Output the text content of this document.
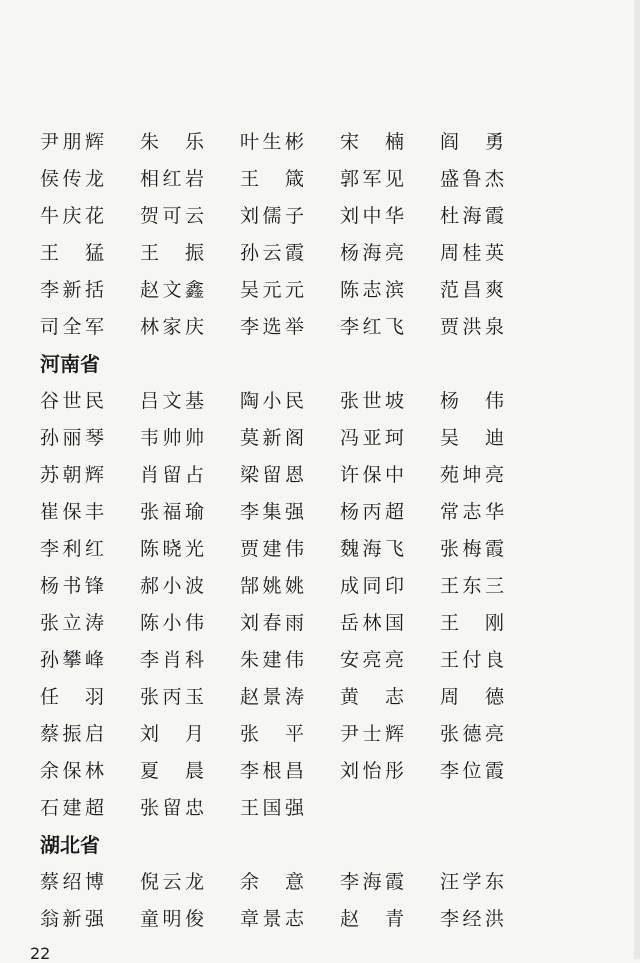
尹朋辉 朱乐 叶生彬 宋楠 阎勇
侯传龙 相红岩 王箴 郭军见 盛鲁杰
牛庆花 贺可云 刘儒子 刘中华 杜海霞
王猛 王振 孙云霞 杨海亮 周桂英
李新括 赵文鑫 吴元元 陈志滨 范昌爽
司全军 林家庆 李选举 李红飞 贾洪泉
河南省
谷世民 吕文基 陶小民 张世坡 杨伟
孙丽琴 韦帅帅 莫新阁 冯亚珂 吴迪
苏朝辉 肖留占 梁留恩 许保中 苑坤亮
崔保丰 张福瑜 李集强 杨丙超 常志华
李利红 陈晓光 贾建伟 魏海飞 张梅霞
杨书锋 郝小波 郜姚姚 成同印 王东三
张立涛 陈小伟 刘春雨 岳林国 王刚
孙攀峰 李肖科 朱建伟 安亮亮 王付良
任羽 张丙玉 赵景涛 黄志 周德
蔡振启 刘月 张平 尹士辉 张德亮
余保林 夏晨 李根昌 刘怡彤 李位霞
石建超 张留忠 王国强
湖北省
蔡绍博 倪云龙 余意 李海霞 汪学东
翁新强 童明俊 章景志 赵青 李经洪
22
